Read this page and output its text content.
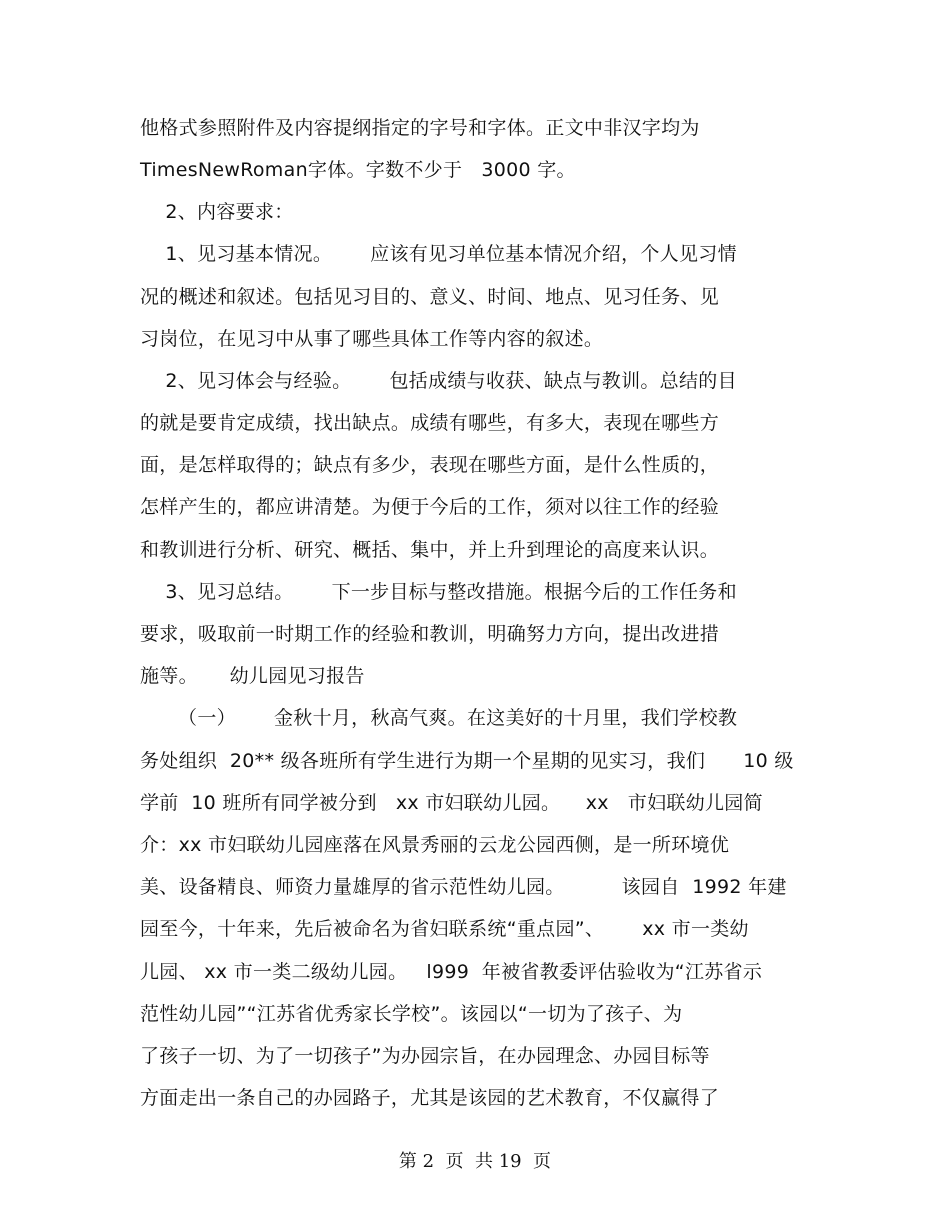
他格式参照附件及内容提纲指定的字号和字体。正文中非汉字均为
TimesNewRoman字体。字数不少于   3000 字。
2、内容要求：
1、见习基本情况。      应该有见习单位基本情况介绍，个人见习情
况的概述和叙述。包括见习目的、意义、时间、地点、见习任务、见
习岗位，在见习中从事了哪些具体工作等内容的叙述。
2、见习体会与经验。      包括成绩与收获、缺点与教训。总结的目
的就是要肯定成绩，找出缺点。成绩有哪些，有多大，表现在哪些方
面，是怎样取得的；缺点有多少，表现在哪些方面，是什么性质的，
怎样产生的，都应讲清楚。为便于今后的工作，须对以往工作的经验
和教训进行分析、研究、概括、集中，并上升到理论的高度来认识。
3、见习总结。      下一步目标与整改措施。根据今后的工作任务和
要求，吸取前一时期工作的经验和教训，明确努力方向，提出改进措
施等。     幼儿园见习报告
（一）      金秋十月，秋高气爽。在这美好的十月里，我们学校教
务处组织  20** 级各班所有学生进行为期一个星期的见实习，我们      10 级
学前  10 班所有同学被分到   xx 市妇联幼儿园。    xx   市妇联幼儿园简
介：xx 市妇联幼儿园座落在风景秀丽的云龙公园西侧，是一所环境优
美、设备精良、师资力量雄厚的省示范性幼儿园。         该园自  1992 年建
园至今，十年来，先后被命名为省妇联系统“重点园”、      xx 市一类幼
儿园、 xx 市一类二级幼儿园。   l999  年被省教委评估验收为“江苏省示
范性幼儿园”“江苏省优秀家长学校”。该园以“一切为了孩子、为
了孩子一切、为了一切孩子”为办园宗旨，在办园理念、办园目标等
方面走出一条自己的办园路子，尤其是该园的艺术教育，不仅赢得了
第 2  页  共 19  页
